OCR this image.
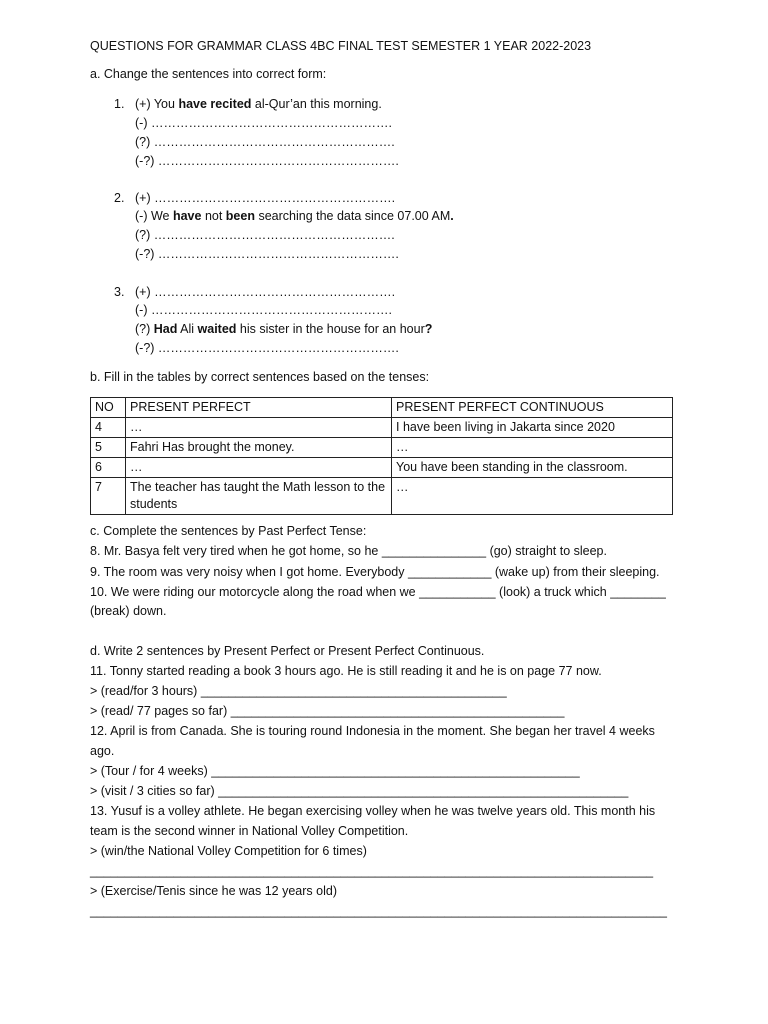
QUESTIONS FOR GRAMMAR CLASS 4BC FINAL TEST SEMESTER 1 YEAR 2022-2023
a. Change the sentences into correct form:
1. (+) You have recited al-Qur’an this morning.
(-) ………………………………………………….
(?) ………………………………………………….
(-?) ………………………………………………….
2. (+) ………………………………………………….
(-) We have not been searching the data since 07.00 AM.
(?) ………………………………………………….
(-?) ………………………………………………….
3. (+) ………………………………………………….
(-) ………………………………………………….
(?) Had Ali waited his sister in the house for an hour?
(-?) ………………………………………………….
b. Fill in the tables by correct sentences based on the tenses:
NO	PRESENT PERFECT	PRESENT PERFECT CONTINUOUS
4	…	I have been living in Jakarta since 2020
5	Fahri Has brought the money.	…
6	…	You have been standing in the classroom.
7	The teacher has taught the Math lesson to the students	…
c. Complete the sentences by Past Perfect Tense:
8. Mr. Basya felt very tired when he got home, so he _______________ (go) straight to sleep.
9. The room was very noisy when I got home. Everybody ____________ (wake up) from their sleeping.
10. We were riding our motorcycle along the road when we ___________ (look) a truck which ________
(break) down.
d. Write 2 sentences by Present Perfect or Present Perfect Continuous.
11. Tonny started reading a book 3 hours ago. He is still reading it and he is on page 77 now.
> (read/for 3 hours) ____________________________________________
> (read/ 77 pages so far) ________________________________________________
12. April is from Canada. She is touring round Indonesia in the moment. She began her travel 4 weeks
ago.
> (Tour / for 4 weeks) _____________________________________________________
> (visit / 3 cities so far) ___________________________________________________________
13. Yusuf is a volley athlete. He began exercising volley when he was twelve years old. This month his
team is the second winner in National Volley Competition.
> (win/the National Volley Competition for 6 times)
_________________________________________________________________________________
> (Exercise/Tenis since he was 12 years old)
___________________________________________________________________________________
